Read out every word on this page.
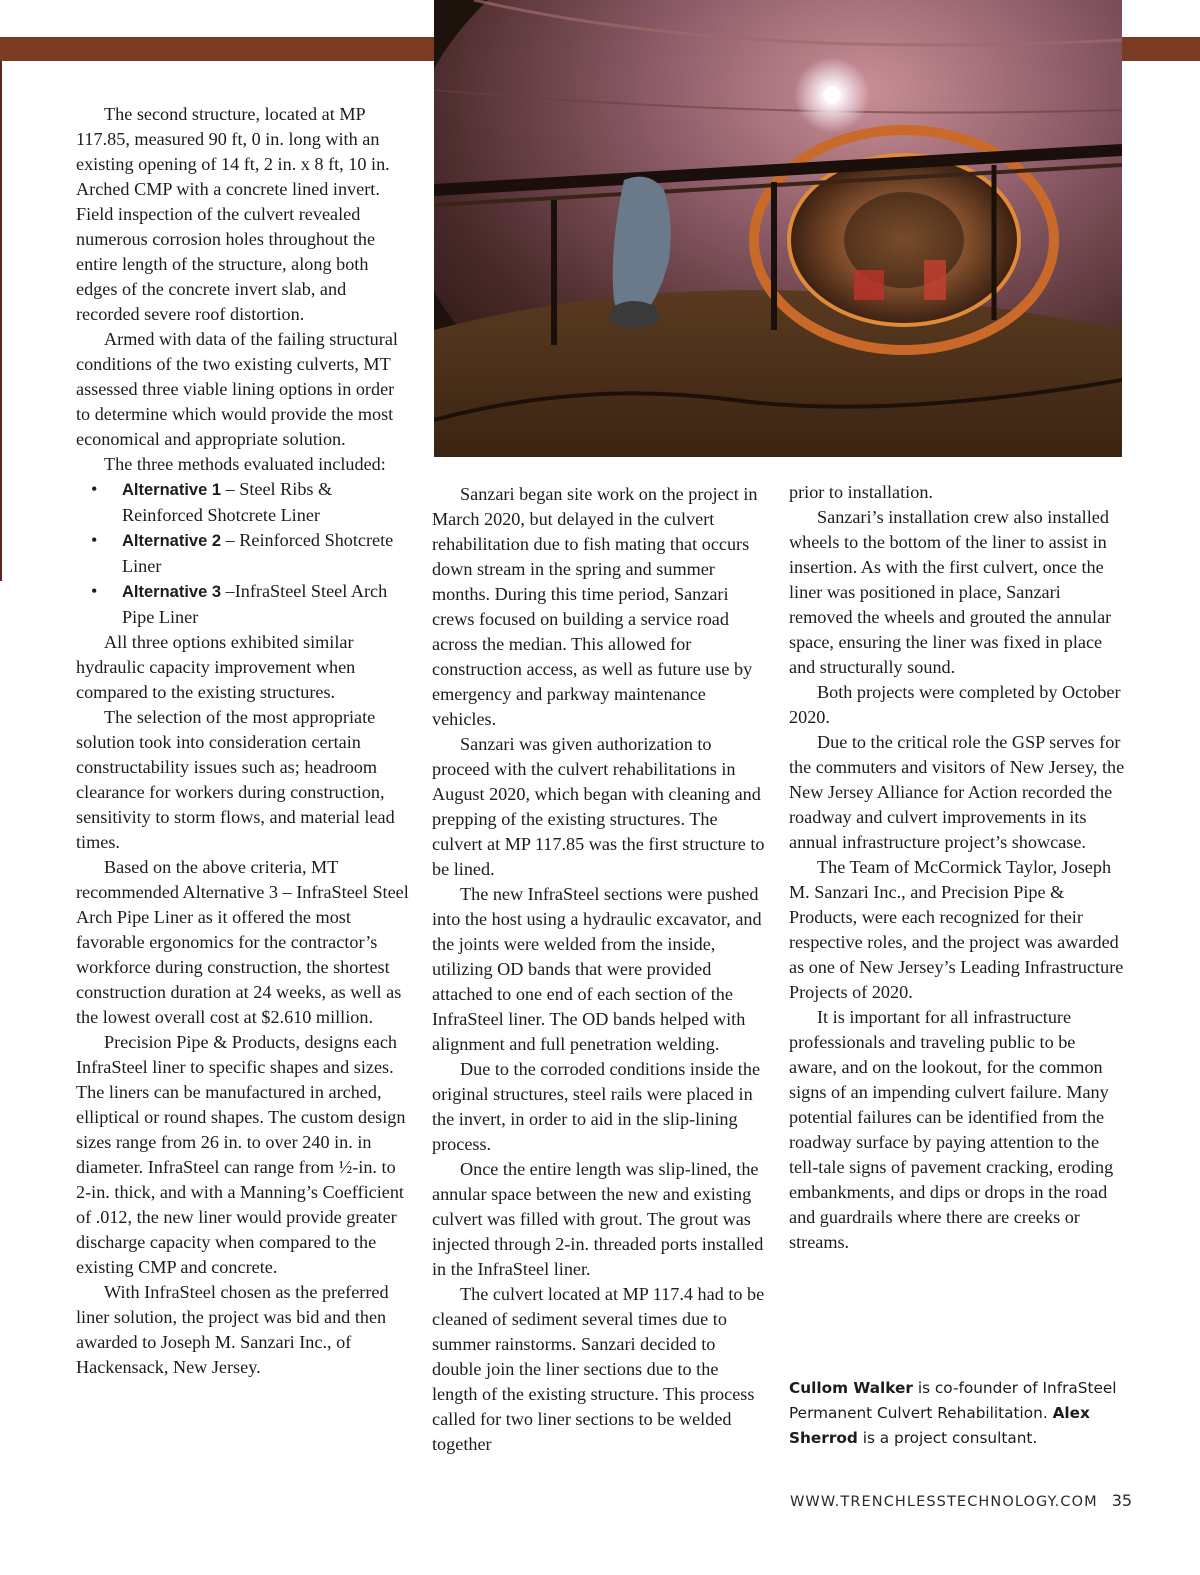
The second structure, located at MP 117.85, measured 90 ft, 0 in. long with an existing opening of 14 ft, 2 in. x 8 ft, 10 in. Arched CMP with a concrete lined invert. Field inspection of the culvert revealed numerous corrosion holes throughout the entire length of the structure, along both edges of the concrete invert slab, and recorded severe roof distortion.

Armed with data of the failing structural conditions of the two existing culverts, MT assessed three viable lining options in order to determine which would provide the most economical and appropriate solution.

The three methods evaluated included:

• Alternative 1 – Steel Ribs & Reinforced Shotcrete Liner
• Alternative 2 – Reinforced Shotcrete Liner
• Alternative 3 –InfraSteel Steel Arch Pipe Liner

All three options exhibited similar hydraulic capacity improvement when compared to the existing structures.

The selection of the most appropriate solution took into consideration certain constructability issues such as; headroom clearance for workers during construction, sensitivity to storm flows, and material lead times.

Based on the above criteria, MT recommended Alternative 3 – InfraSteel Steel Arch Pipe Liner as it offered the most favorable ergonomics for the contractor’s workforce during construction, the shortest construction duration at 24 weeks, as well as the lowest overall cost at $2.610 million.

Precision Pipe & Products, designs each InfraSteel liner to specific shapes and sizes. The liners can be manufactured in arched, elliptical or round shapes. The custom design sizes range from 26 in. to over 240 in. in diameter. InfraSteel can range from ½-in. to 2-in. thick, and with a Manning’s Coefficient of .012, the new liner would provide greater discharge capacity when compared to the existing CMP and concrete.

With InfraSteel chosen as the preferred liner solution, the project was bid and then awarded to Joseph M. Sanzari Inc., of Hackensack, New Jersey.

Sanzari began site work on the project in March 2020, but delayed in the culvert rehabilitation due to fish mating that occurs down stream in the spring and summer months. During this time period, Sanzari crews focused on building a service road across the median. This allowed for construction access, as well as future use by emergency and parkway maintenance vehicles.

Sanzari was given authorization to proceed with the culvert rehabilitations in August 2020, which began with cleaning and prepping of the existing structures. The culvert at MP 117.85 was the first structure to be lined.

The new InfraSteel sections were pushed into the host using a hydraulic excavator, and the joints were welded from the inside, utilizing OD bands that were provided attached to one end of each section of the InfraSteel liner. The OD bands helped with alignment and full penetration welding.

Due to the corroded conditions inside the original structures, steel rails were placed in the invert, in order to aid in the slip-lining process.

Once the entire length was slip-lined, the annular space between the new and existing culvert was filled with grout. The grout was injected through 2-in. threaded ports installed in the InfraSteel liner.

The culvert located at MP 117.4 had to be cleaned of sediment several times due to summer rainstorms. Sanzari decided to double join the liner sections due to the length of the existing structure. This process called for two liner sections to be welded together

prior to installation.

Sanzari’s installation crew also installed wheels to the bottom of the liner to assist in insertion. As with the first culvert, once the liner was positioned in place, Sanzari removed the wheels and grouted the annular space, ensuring the liner was fixed in place and structurally sound.

Both projects were completed by October 2020.

Due to the critical role the GSP serves for the commuters and visitors of New Jersey, the New Jersey Alliance for Action recorded the roadway and culvert improvements in its annual infrastructure project’s showcase.

The Team of McCormick Taylor, Joseph M. Sanzari Inc., and Precision Pipe & Products, were each recognized for their respective roles, and the project was awarded as one of New Jersey’s Leading Infrastructure Projects of 2020.

It is important for all infrastructure professionals and traveling public to be aware, and on the lookout, for the common signs of an impending culvert failure. Many potential failures can be identified from the roadway surface by paying attention to the tell-tale signs of pavement cracking, eroding embankments, and dips or drops in the road and guardrails where there are creeks or streams.

Cullom Walker is co-founder of InfraSteel Permanent Culvert Rehabilitation. Alex Sherrod is a project consultant.
WWW.TRENCHLESSTECHNOLOGY.COM 35
